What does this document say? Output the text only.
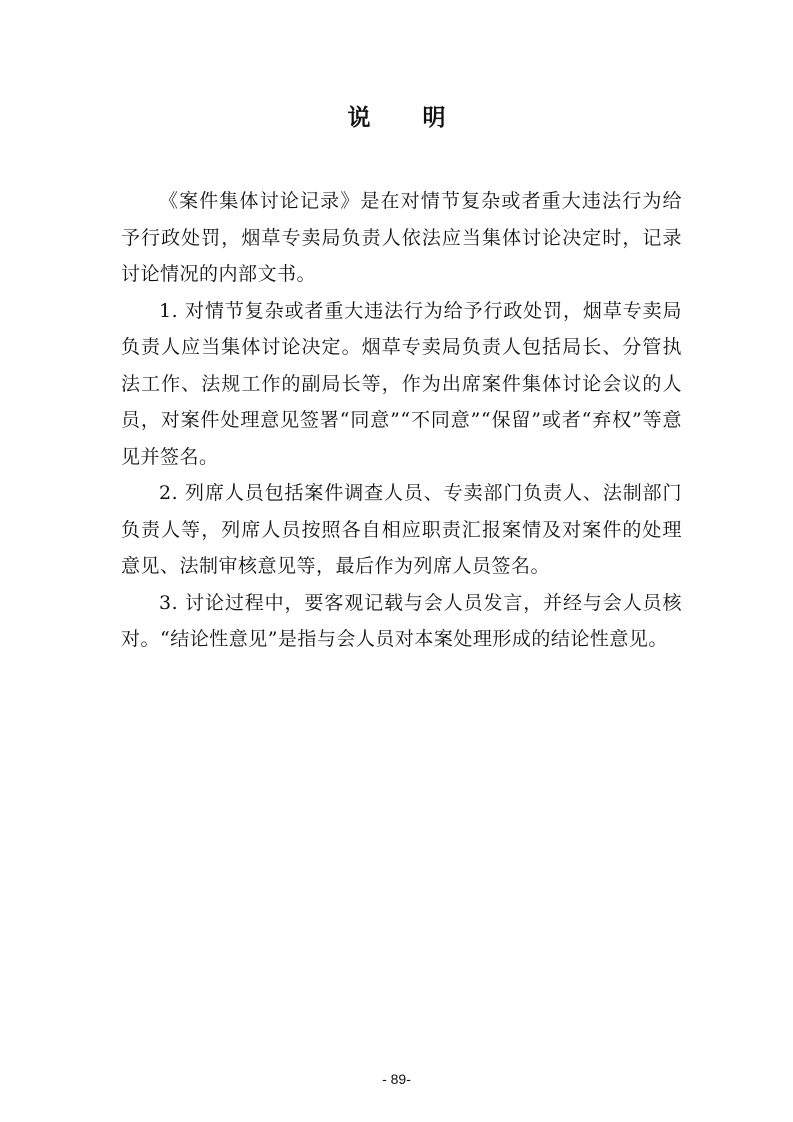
说 明

《案件集体讨论记录》是在对情节复杂或者重大违法行为给予行政处罚，烟草专卖局负责人依法应当集体讨论决定时，记录讨论情况的内部文书。

1. 对情节复杂或者重大违法行为给予行政处罚，烟草专卖局负责人应当集体讨论决定。烟草专卖局负责人包括局长、分管执法工作、法规工作的副局长等，作为出席案件集体讨论会议的人员，对案件处理意见签署“同意”“不同意”“保留”或者“弃权”等意见并签名。

2. 列席人员包括案件调查人员、专卖部门负责人、法制部门负责人等，列席人员按照各自相应职责汇报案情及对案件的处理意见、法制审核意见等，最后作为列席人员签名。

3. 讨论过程中，要客观记载与会人员发言，并经与会人员核对。“结论性意见”是指与会人员对本案处理形成的结论性意见。

- 89-
